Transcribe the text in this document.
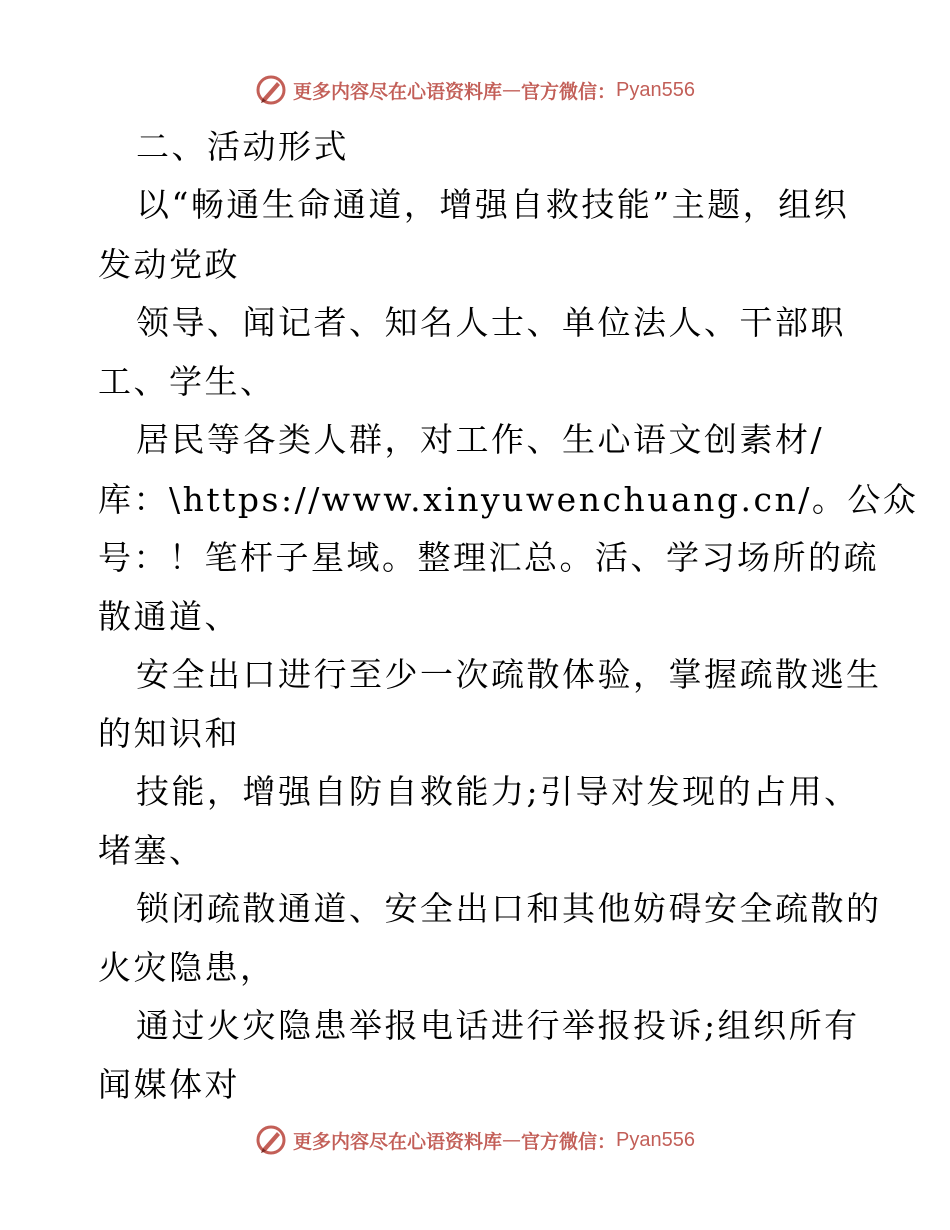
更多内容尽在心语资料库 — 官方微信： Pyan556
二、活动形式
以“畅通生命通道，增强自救技能”主题，组织
发动党政
领导、闻记者、知名人士、单位法人、干部职
工、学生、
居民等各类人群，对工作、生心语文创素材/
库：\https://www.xinyuwenchuang.cn/。公众
号：！笔杆子星域。整理汇总。活、学习场所的疏
散通道、
安全出口进行至少一次疏散体验，掌握疏散逃生
的知识和
技能，增强自防自救能力;引导对发现的占用、
堵塞、
锁闭疏散通道、安全出口和其他妨碍安全疏散的
火灾隐患，
通过火灾隐患举报电话进行举报投诉;组织所有
闻媒体对
更多内容尽在心语资料库 — 官方微信： Pyan556
